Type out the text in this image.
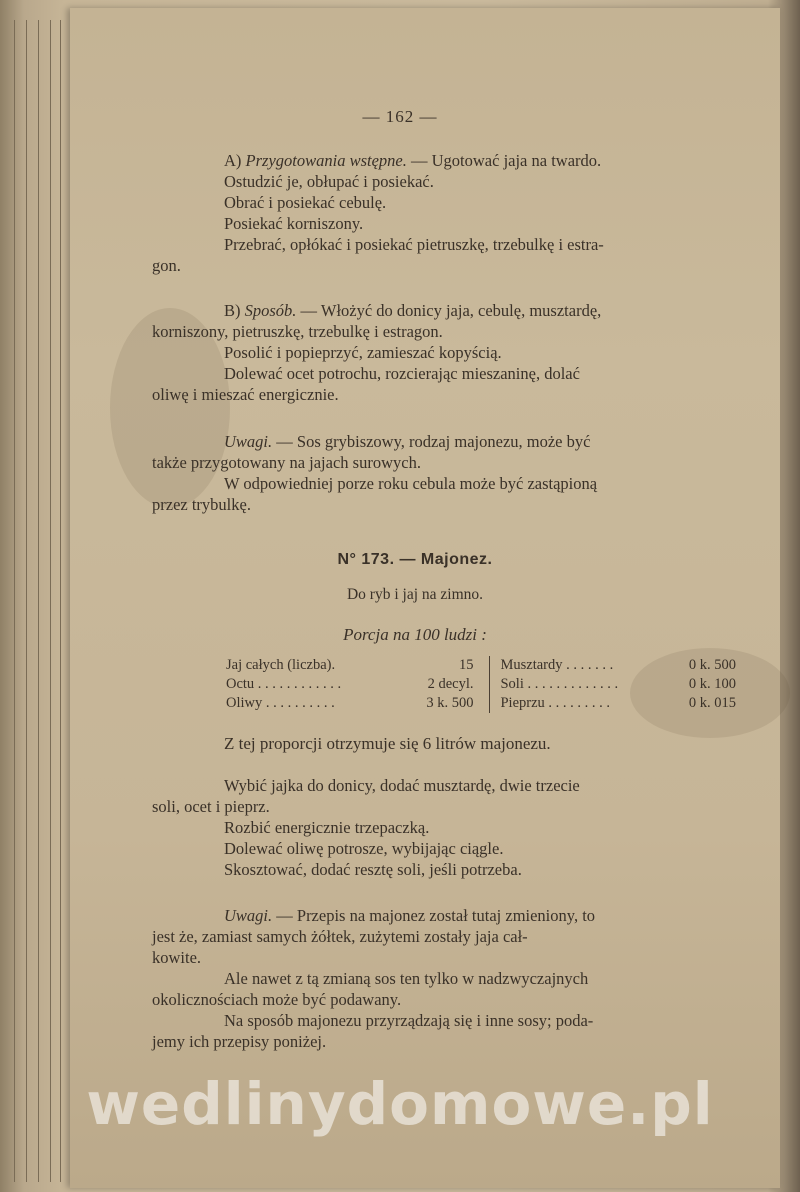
— 162 —

A) Przygotowania wstępne. — Ugotować jaja na twardo.

Ostudzić je, obłupać i posiekać.

Obrać i posiekać cebulę.

Posiekać korniszony.

Przebrać, opłókać i posiekać pietruszkę, trzebulkę i estra-

gon.

B) Sposób. — Włożyć do donicy jaja, cebulę, musztardę,

korniszony, pietruszkę, trzebulkę i estragon.

Posolić i popieprzyć, zamieszać kopyścią.

Dolewać ocet potrochu, rozcierając mieszaninę, dolać

oliwę i mieszać energicznie.

Uwagi. — Sos grybiszowy, rodzaj majonezu, może być

także przygotowany na jajach surowych.

W odpowiedniej porze roku cebula może być zastąpioną

przez trybulkę.

N° 173. — Majonez.

Do ryb i jaj na zimno.
Porcja na 100 ludzi :
Jaj całych (liczba).	15	Musztardy . . . . . . .	0 k. 500
Octu . . . . . . . . . . . .	2 decyl.	Soli . . . . . . . . . . . . .	0 k. 100
Oliwy . . . . . . . . . .	3 k. 500	Pieprzu . . . . . . . . .	0 k. 015

Z tej proporcji otrzymuje się 6 litrów majonezu.

Wybić jajka do donicy, dodać musztardę, dwie trzecie

soli, ocet i pieprz.

Rozbić energicznie trzepaczką.

Dolewać oliwę potrosze, wybijając ciągle.

Skosztować, dodać resztę soli, jeśli potrzeba.

Uwagi. — Przepis na majonez został tutaj zmieniony, to

jest że, zamiast samych żółtek, zużytemi zostały jaja cał-

kowite.

Ale nawet z tą zmianą sos ten tylko w nadzwyczajnych

okolicznościach może być podawany.

Na sposób majonezu przyrządzają się i inne sosy; poda-

jemy ich przepisy poniżej.

wedlinydomowe.pl
